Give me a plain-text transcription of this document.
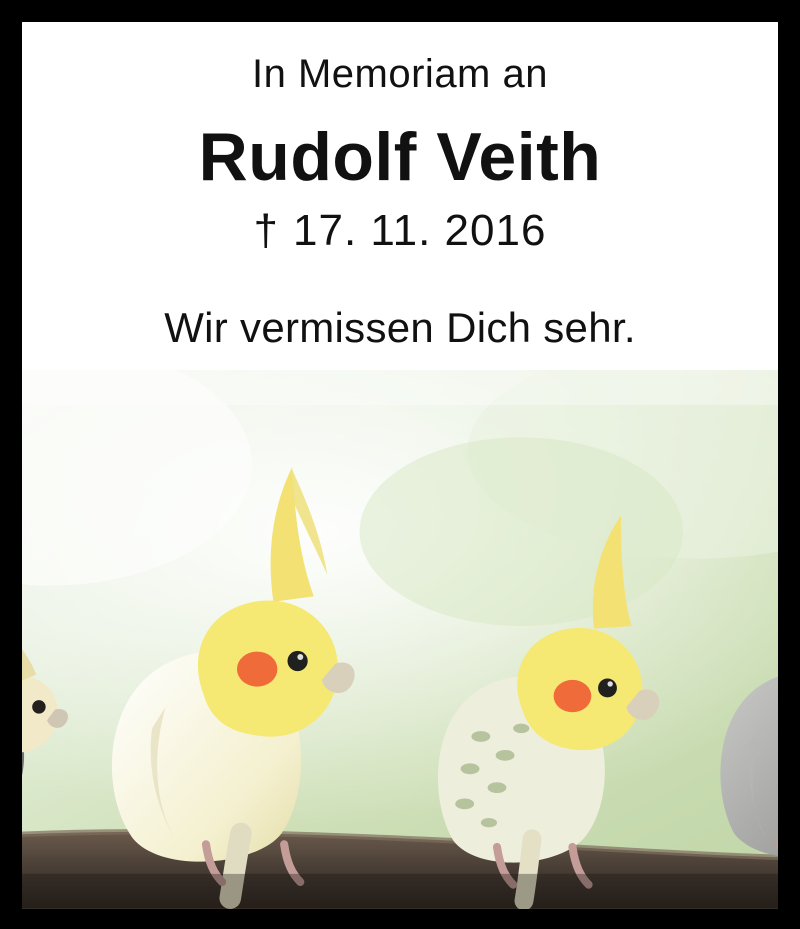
In Memoriam an
Rudolf Veith
† 17. 11. 2016
Wir vermissen Dich sehr.
